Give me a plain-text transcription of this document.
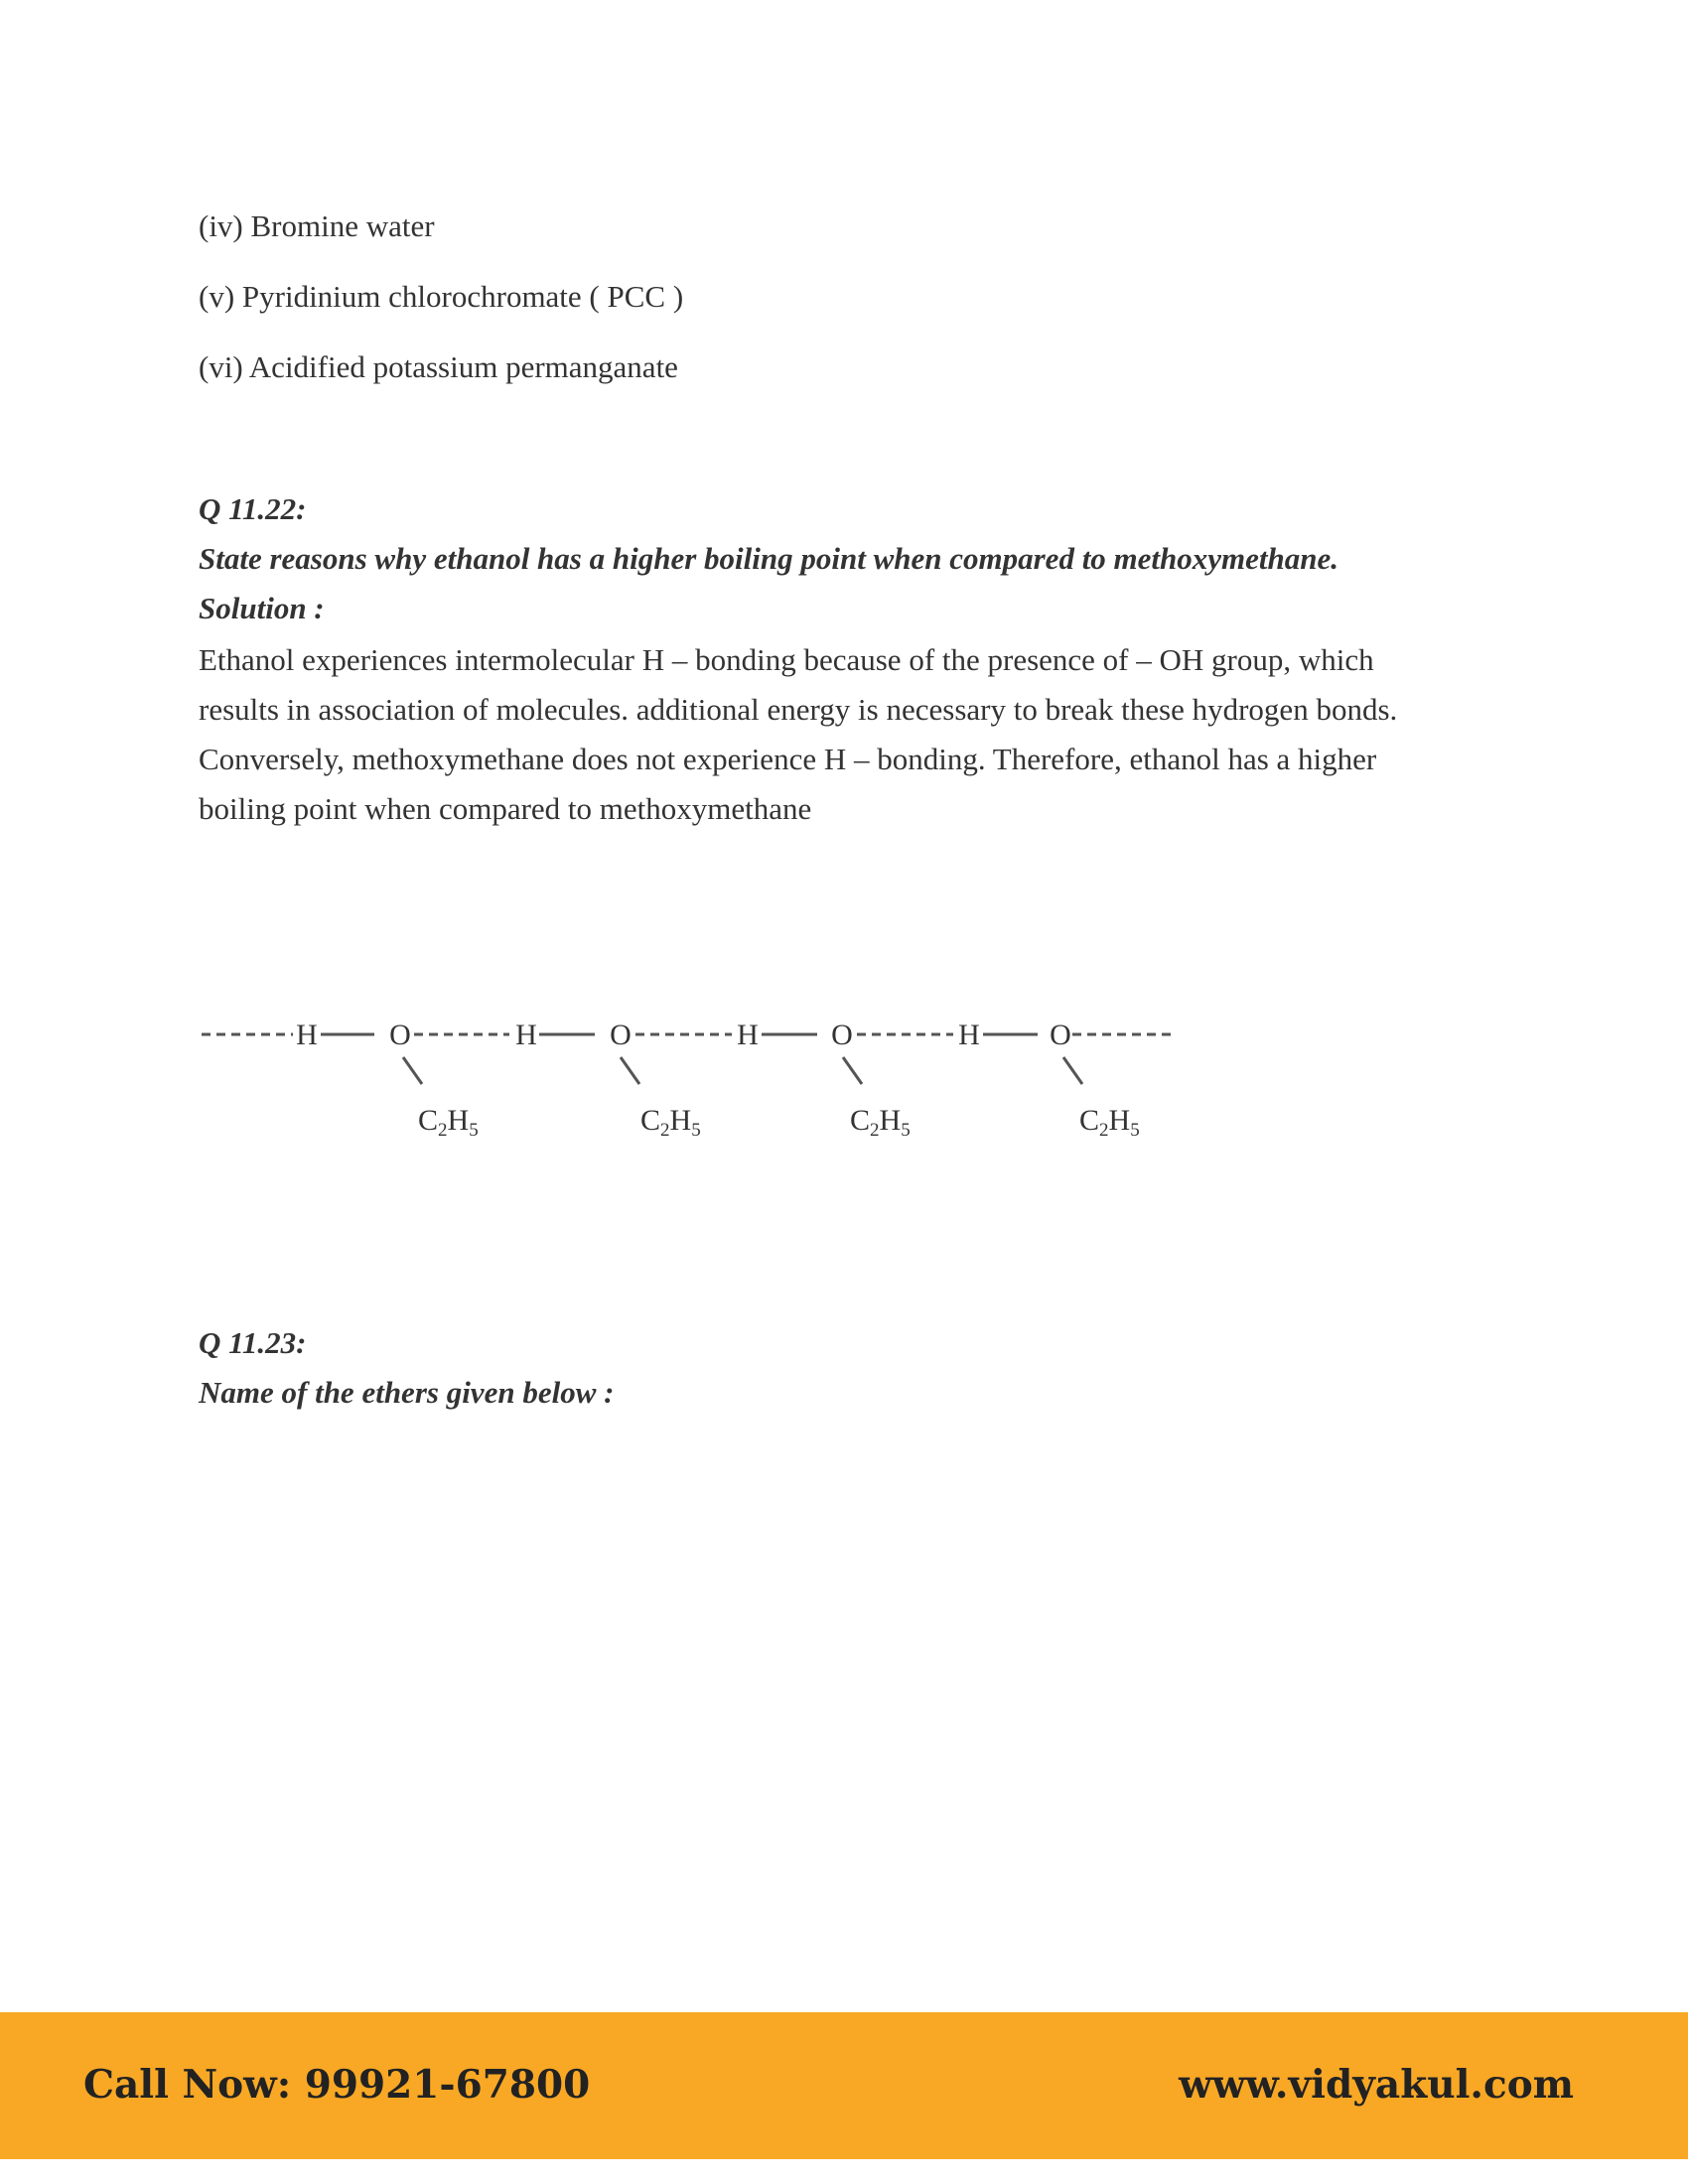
(iv) Bromine water
(v) Pyridinium chlorochromate ( PCC )
(vi) Acidified potassium permanganate
Q 11.22:
State reasons why ethanol has a higher boiling point when compared to methoxymethane.
Solution :
Ethanol experiences intermolecular H – bonding because of the presence of – OH group, which
results in association of molecules. additional energy is necessary to break these hydrogen bonds.
Conversely, methoxymethane does not experience H – bonding. Therefore, ethanol has a higher
boiling point when compared to methoxymethane
H	H	H	H
O	O	O	O
$C_2H_5$	$C_2H_5$	$C_2H_5$	$C_2H_5$
Q 11.23:
Name of the ethers given below :
Call Now: 99921-67800	www.vidyakul.com
